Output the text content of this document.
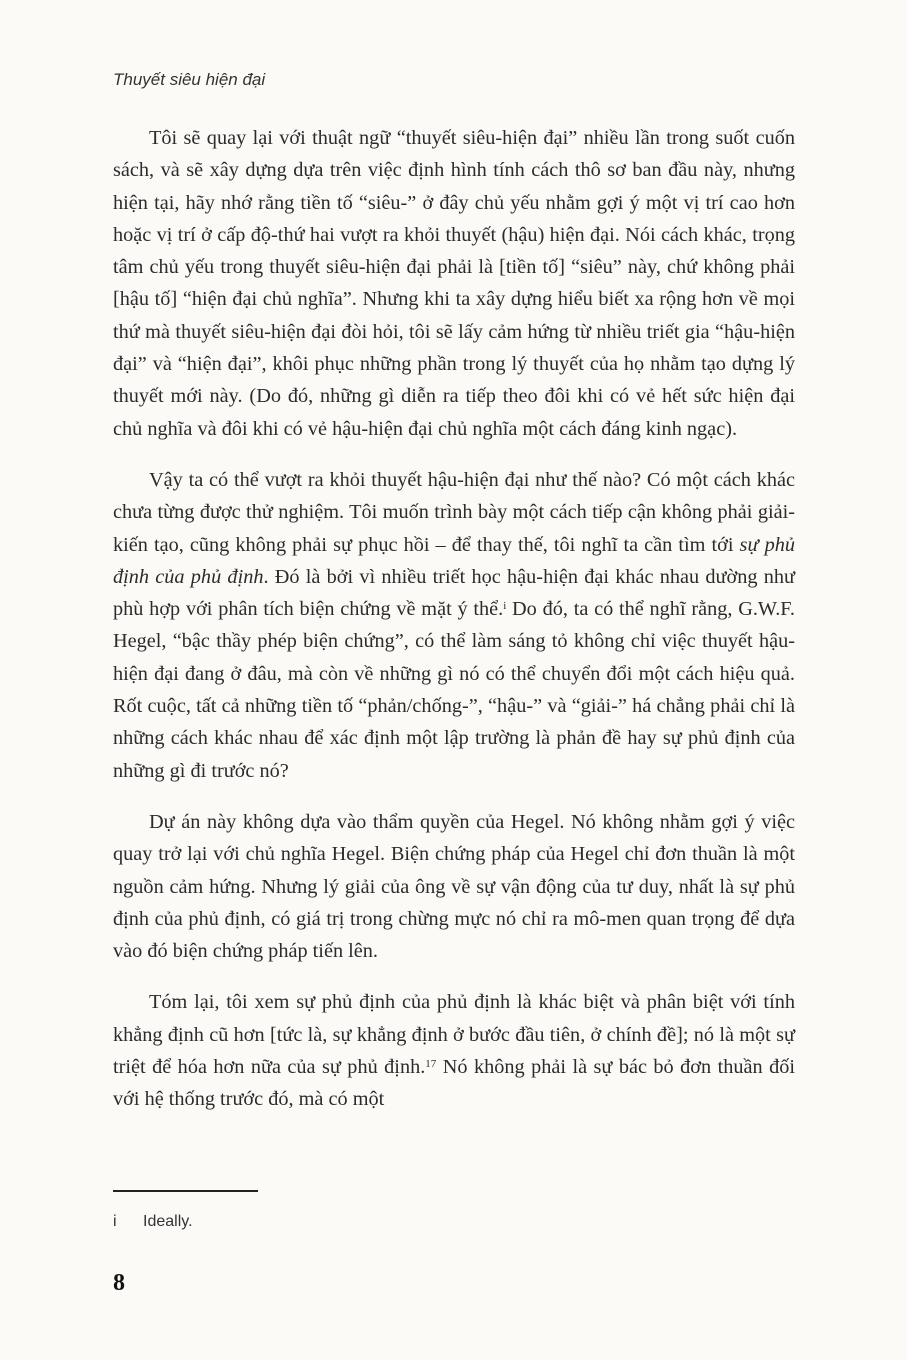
Thuyết siêu hiện đại

Tôi sẽ quay lại với thuật ngữ “thuyết siêu-hiện đại” nhiều lần trong suốt cuốn sách, và sẽ xây dựng dựa trên việc định hình tính cách thô sơ ban đầu này, nhưng hiện tại, hãy nhớ rằng tiền tố “siêu-” ở đây chủ yếu nhằm gợi ý một vị trí cao hơn hoặc vị trí ở cấp độ-thứ hai vượt ra khỏi thuyết (hậu) hiện đại. Nói cách khác, trọng tâm chủ yếu trong thuyết siêu-hiện đại phải là [tiền tố] “siêu” này, chứ không phải [hậu tố] “hiện đại chủ nghĩa”. Nhưng khi ta xây dựng hiểu biết xa rộng hơn về mọi thứ mà thuyết siêu-hiện đại đòi hỏi, tôi sẽ lấy cảm hứng từ nhiều triết gia “hậu-hiện đại” và “hiện đại”, khôi phục những phần trong lý thuyết của họ nhằm tạo dựng lý thuyết mới này. (Do đó, những gì diễn ra tiếp theo đôi khi có vẻ hết sức hiện đại chủ nghĩa và đôi khi có vẻ hậu-hiện đại chủ nghĩa một cách đáng kinh ngạc).

Vậy ta có thể vượt ra khỏi thuyết hậu-hiện đại như thế nào? Có một cách khác chưa từng được thử nghiệm. Tôi muốn trình bày một cách tiếp cận không phải giải-kiến tạo, cũng không phải sự phục hồi – để thay thế, tôi nghĩ ta cần tìm tới sự phủ định của phủ định. Đó là bởi vì nhiều triết học hậu-hiện đại khác nhau dường như phù hợp với phân tích biện chứng về mặt ý thể.$^i$ Do đó, ta có thể nghĩ rằng, G.W.F. Hegel, “bậc thầy phép biện chứng”, có thể làm sáng tỏ không chỉ việc thuyết hậu-hiện đại đang ở đâu, mà còn về những gì nó có thể chuyển đổi một cách hiệu quả. Rốt cuộc, tất cả những tiền tố “phản/chống-”, “hậu-” và “giải-” há chẳng phải chỉ là những cách khác nhau để xác định một lập trường là phản đề hay sự phủ định của những gì đi trước nó?

Dự án này không dựa vào thẩm quyền của Hegel. Nó không nhằm gợi ý việc quay trở lại với chủ nghĩa Hegel. Biện chứng pháp của Hegel chỉ đơn thuần là một nguồn cảm hứng. Nhưng lý giải của ông về sự vận động của tư duy, nhất là sự phủ định của phủ định, có giá trị trong chừng mực nó chỉ ra mô-men quan trọng để dựa vào đó biện chứng pháp tiến lên.

Tóm lại, tôi xem sự phủ định của phủ định là khác biệt và phân biệt với tính khẳng định cũ hơn [tức là, sự khẳng định ở bước đầu tiên, ở chính đề]; nó là một sự triệt để hóa hơn nữa của sự phủ định.$^{17}$ Nó không phải là sự bác bỏ đơn thuần đối với hệ thống trước đó, mà có một

i Ideally.
8
